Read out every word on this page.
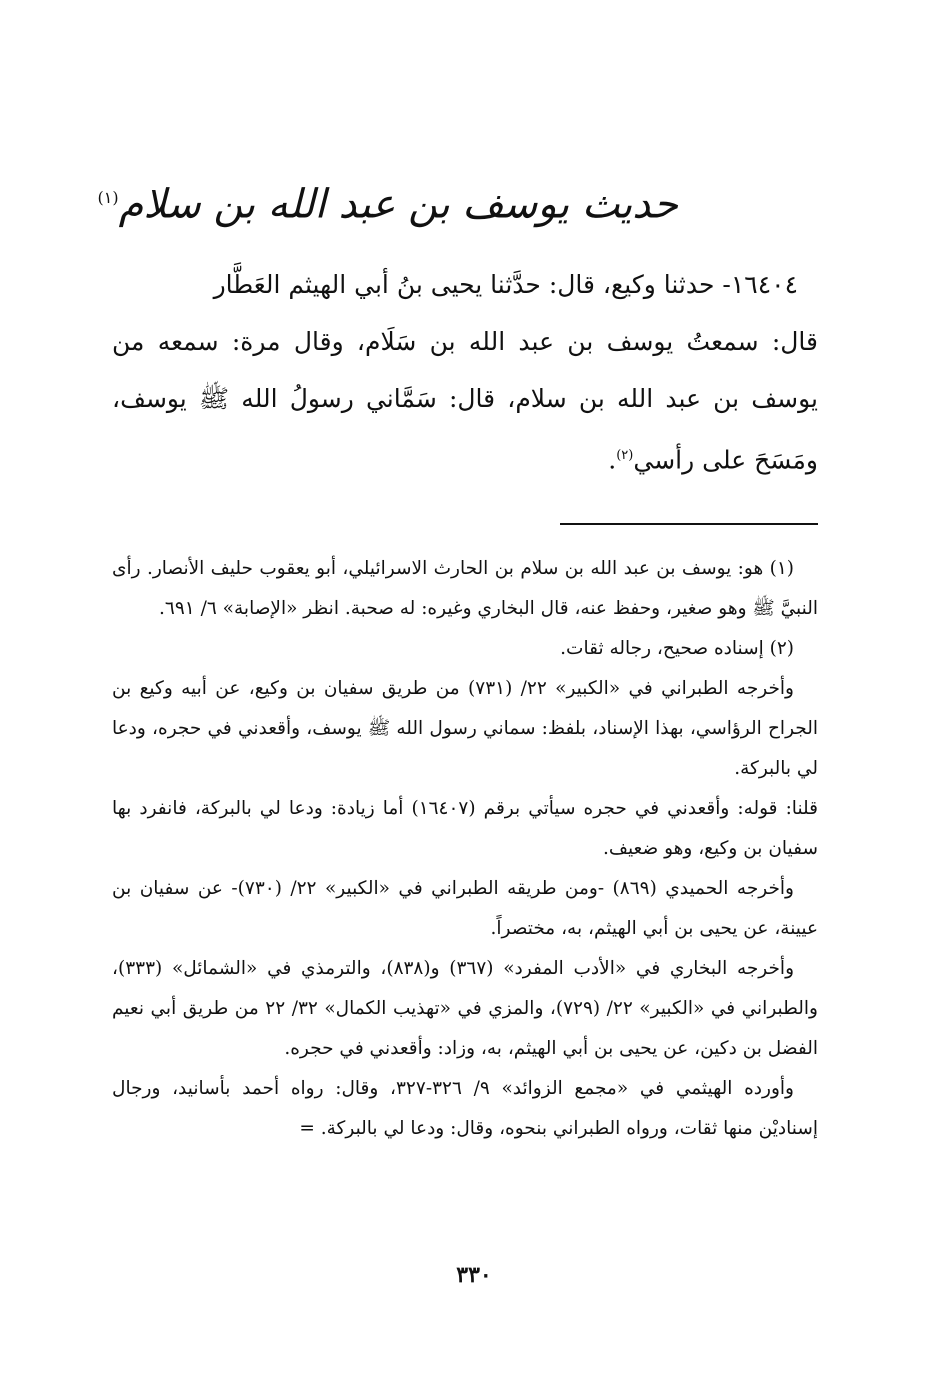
حديث يوسف بن عبد الله بن سلام$^{(١)}$

١٦٤٠٤- حدثنا وكيع، قال: حدَّثنا يحيى بنُ أبي الهيثم العَطَّار

قال: سمعتُ يوسف بن عبد الله بن سَلَام، وقال مرة: سمعه من يوسف بن عبد الله بن سلام، قال: سَمَّاني رسولُ الله ﷺ يوسف، ومَسَحَ على رأسي$^{(٢)}$.

(١) هو: يوسف بن عبد الله بن سلام بن الحارث الاسرائيلي، أبو يعقوب حليف الأنصار. رأى النبيَّ ﷺ وهو صغير، وحفظ عنه، قال البخاري وغيره: له صحبة. انظر «الإصابة» ٦/ ٦٩١.

(٢) إسناده صحيح، رجاله ثقات.

وأخرجه الطبراني في «الكبير» ٢٢/ (٧٣١) من طريق سفيان بن وكيع، عن أبيه وكيع بن الجراح الرؤاسي، بهذا الإسناد، بلفظ: سماني رسول الله ﷺ يوسف، وأقعدني في حجره، ودعا لي بالبركة.

قلنا: قوله: وأقعدني في حجره سيأتي برقم (١٦٤٠٧) أما زيادة: ودعا لي بالبركة، فانفرد بها سفيان بن وكيع، وهو ضعيف.

وأخرجه الحميدي (٨٦٩) -ومن طريقه الطبراني في «الكبير» ٢٢/ (٧٣٠)- عن سفيان بن عيينة، عن يحيى بن أبي الهيثم، به، مختصراً.

وأخرجه البخاري في «الأدب المفرد» (٣٦٧) و(٨٣٨)، والترمذي في «الشمائل» (٣٣٣)، والطبراني في «الكبير» ٢٢/ (٧٢٩)، والمزي في «تهذيب الكمال» ٣٢/ ٢٢ من طريق أبي نعيم الفضل بن دكين، عن يحيى بن أبي الهيثم، به، وزاد: وأقعدني في حجره.

وأورده الهيثمي في «مجمع الزوائد» ٩/ ٣٢٦-٣٢٧، وقال: رواه أحمد بأسانيد، ورجال إسناديْن منها ثقات، ورواه الطبراني بنحوه، وقال: ودعا لي بالبركة. =

٣٣٠
